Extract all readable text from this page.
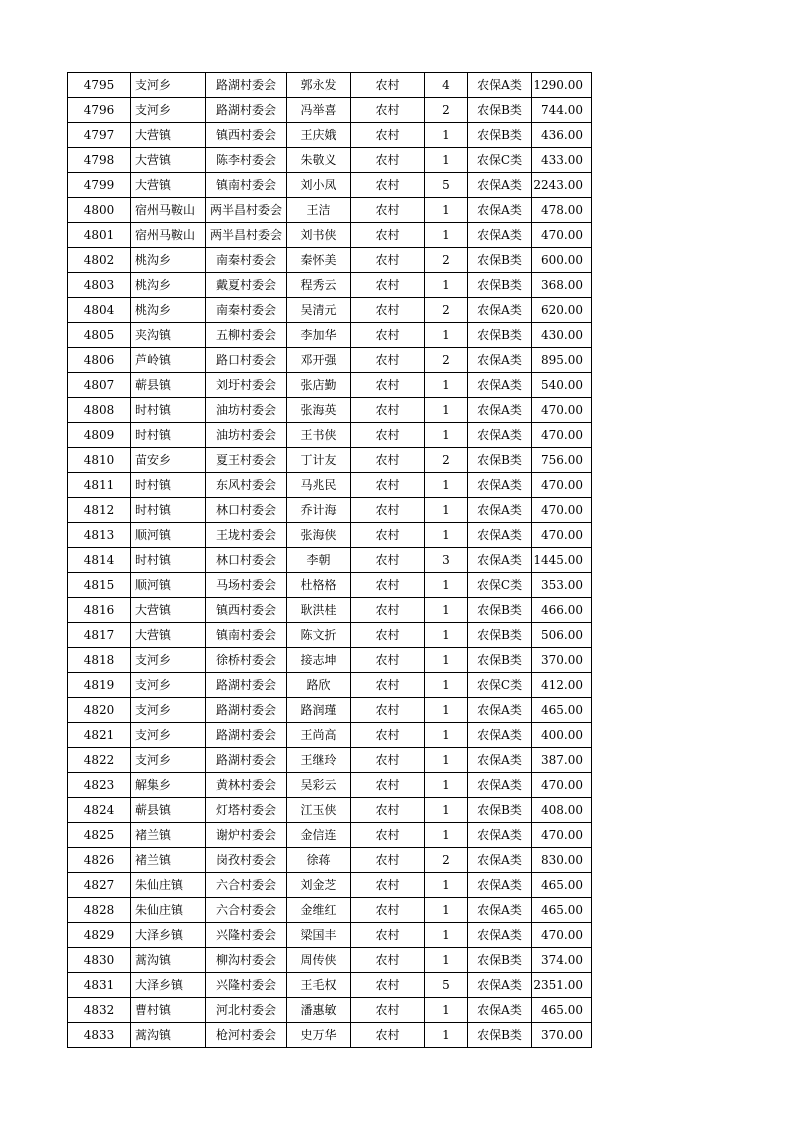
4795	支河乡	路湖村委会	郭永发	农村	4	农保A类	1290.00
4796	支河乡	路湖村委会	冯举喜	农村	2	农保B类	744.00
4797	大营镇	镇西村委会	王庆娥	农村	1	农保B类	436.00
4798	大营镇	陈李村委会	朱敬义	农村	1	农保C类	433.00
4799	大营镇	镇南村委会	刘小凤	农村	5	农保A类	2243.00
4800	宿州马鞍山	两半昌村委会	王洁	农村	1	农保A类	478.00
4801	宿州马鞍山	两半昌村委会	刘书侠	农村	1	农保A类	470.00
4802	桃沟乡	南秦村委会	秦怀美	农村	2	农保B类	600.00
4803	桃沟乡	戴夏村委会	程秀云	农村	1	农保B类	368.00
4804	桃沟乡	南秦村委会	吴清元	农村	2	农保A类	620.00
4805	夹沟镇	五柳村委会	李加华	农村	1	农保B类	430.00
4806	芦岭镇	路口村委会	邓开强	农村	2	农保A类	895.00
4807	蕲县镇	刘圩村委会	张店勤	农村	1	农保A类	540.00
4808	时村镇	油坊村委会	张海英	农村	1	农保A类	470.00
4809	时村镇	油坊村委会	王书侠	农村	1	农保A类	470.00
4810	苗安乡	夏王村委会	丁计友	农村	2	农保B类	756.00
4811	时村镇	东风村委会	马兆民	农村	1	农保A类	470.00
4812	时村镇	林口村委会	乔计海	农村	1	农保A类	470.00
4813	顺河镇	王垅村委会	张海侠	农村	1	农保A类	470.00
4814	时村镇	林口村委会	李朝	农村	3	农保A类	1445.00
4815	顺河镇	马场村委会	杜格格	农村	1	农保C类	353.00
4816	大营镇	镇西村委会	耿洪桂	农村	1	农保B类	466.00
4817	大营镇	镇南村委会	陈文折	农村	1	农保B类	506.00
4818	支河乡	徐桥村委会	接志坤	农村	1	农保B类	370.00
4819	支河乡	路湖村委会	路欣	农村	1	农保C类	412.00
4820	支河乡	路湖村委会	路润瑾	农村	1	农保A类	465.00
4821	支河乡	路湖村委会	王尚高	农村	1	农保A类	400.00
4822	支河乡	路湖村委会	王继玲	农村	1	农保A类	387.00
4823	解集乡	黄林村委会	吴彩云	农村	1	农保A类	470.00
4824	蕲县镇	灯塔村委会	江玉侠	农村	1	农保B类	408.00
4825	褚兰镇	谢炉村委会	金信连	农村	1	农保A类	470.00
4826	褚兰镇	岗孜村委会	徐蒋	农村	2	农保A类	830.00
4827	朱仙庄镇	六合村委会	刘金芝	农村	1	农保A类	465.00
4828	朱仙庄镇	六合村委会	金维红	农村	1	农保A类	465.00
4829	大泽乡镇	兴隆村委会	梁国丰	农村	1	农保A类	470.00
4830	蒿沟镇	柳沟村委会	周传侠	农村	1	农保B类	374.00
4831	大泽乡镇	兴隆村委会	王毛权	农村	5	农保A类	2351.00
4832	曹村镇	河北村委会	潘惠敏	农村	1	农保A类	465.00
4833	蒿沟镇	枪河村委会	史万华	农村	1	农保B类	370.00
